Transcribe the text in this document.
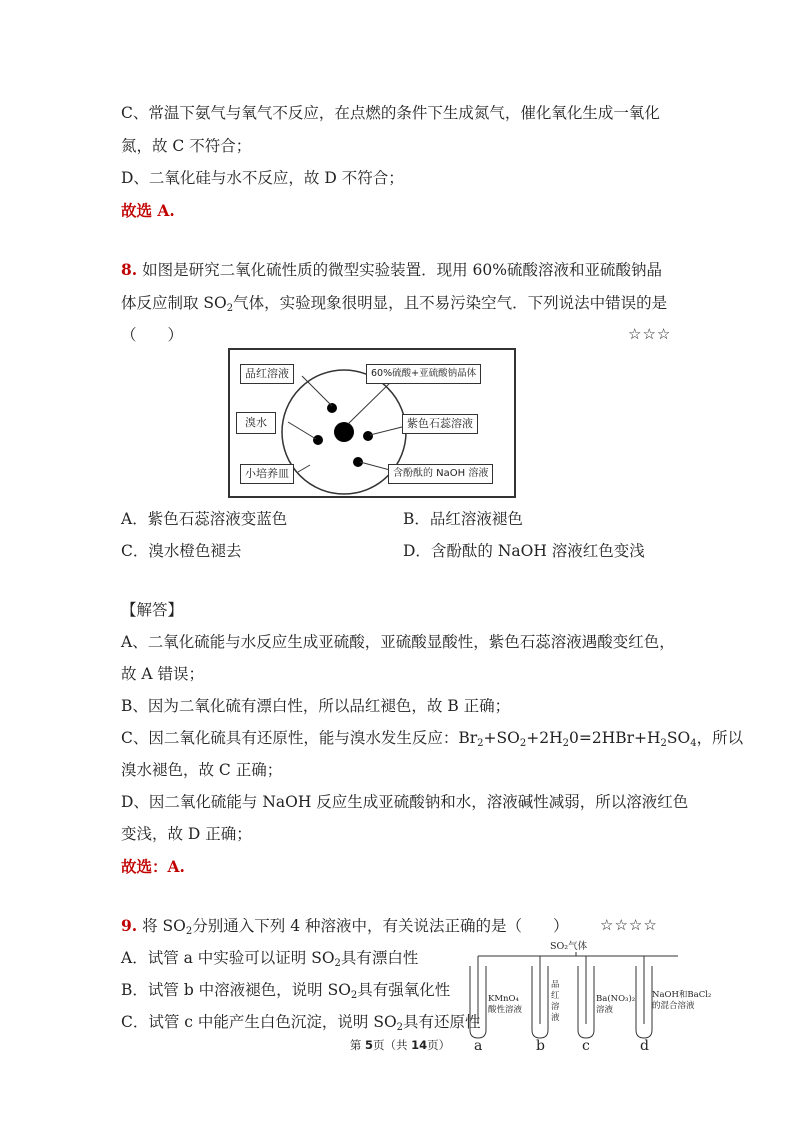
C、常温下氨气与氧气不反应，在点燃的条件下生成氮气，催化氧化生成一氧化
氮，故 C 不符合；
D、二氧化硅与水不反应，故 D 不符合；
故选 A.
8. 如图是研究二氧化硫性质的微型实验装置．现用 60%硫酸溶液和亚硫酸钠晶
体反应制取 $SO_2$气体，实验现象很明显，且不易污染空气．下列说法中错误的是
（　　）	☆☆☆
品红溶液	60%硫酸+亚硫酸钠晶体
溴水	紫色石蕊溶液
小培养皿	含酚酞的 NaOH 溶液
A．紫色石蕊溶液变蓝色	B．品红溶液褪色
C．溴水橙色褪去	D．含酚酞的 NaOH 溶液红色变浅
【解答】
A、二氧化硫能与水反应生成亚硫酸，亚硫酸显酸性，紫色石蕊溶液遇酸变红色，
故 A 错误；
B、因为二氧化硫有漂白性，所以品红褪色，故 B 正确；
C、因二氧化硫具有还原性，能与溴水发生反应：$Br_2+SO_2+2H_20=2HBr+H_2SO_4$，所以
溴水褪色，故 C 正确；
D、因二氧化硫能与 NaOH 反应生成亚硫酸钠和水，溶液碱性减弱，所以溶液红色
变浅，故 D 正确；
故选：A.
9. 将 $SO_2$分别通入下列 4 种溶液中，有关说法正确的是（　　） ☆☆☆☆
A．试管 a 中实验可以证明 $SO_2$具有漂白性
B．试管 b 中溶液褪色，说明 $SO_2$具有强氧化性
C．试管 c 中能产生白色沉淀，说明 $SO_2$具有还原性
SO₂气体
KMnO₄
酸性溶液
品
红
溶
液
Ba(NO₃)₂
溶液
NaOH和BaCl₂
的混合溶液
a	b	c	d
第 5页（共 14页）
